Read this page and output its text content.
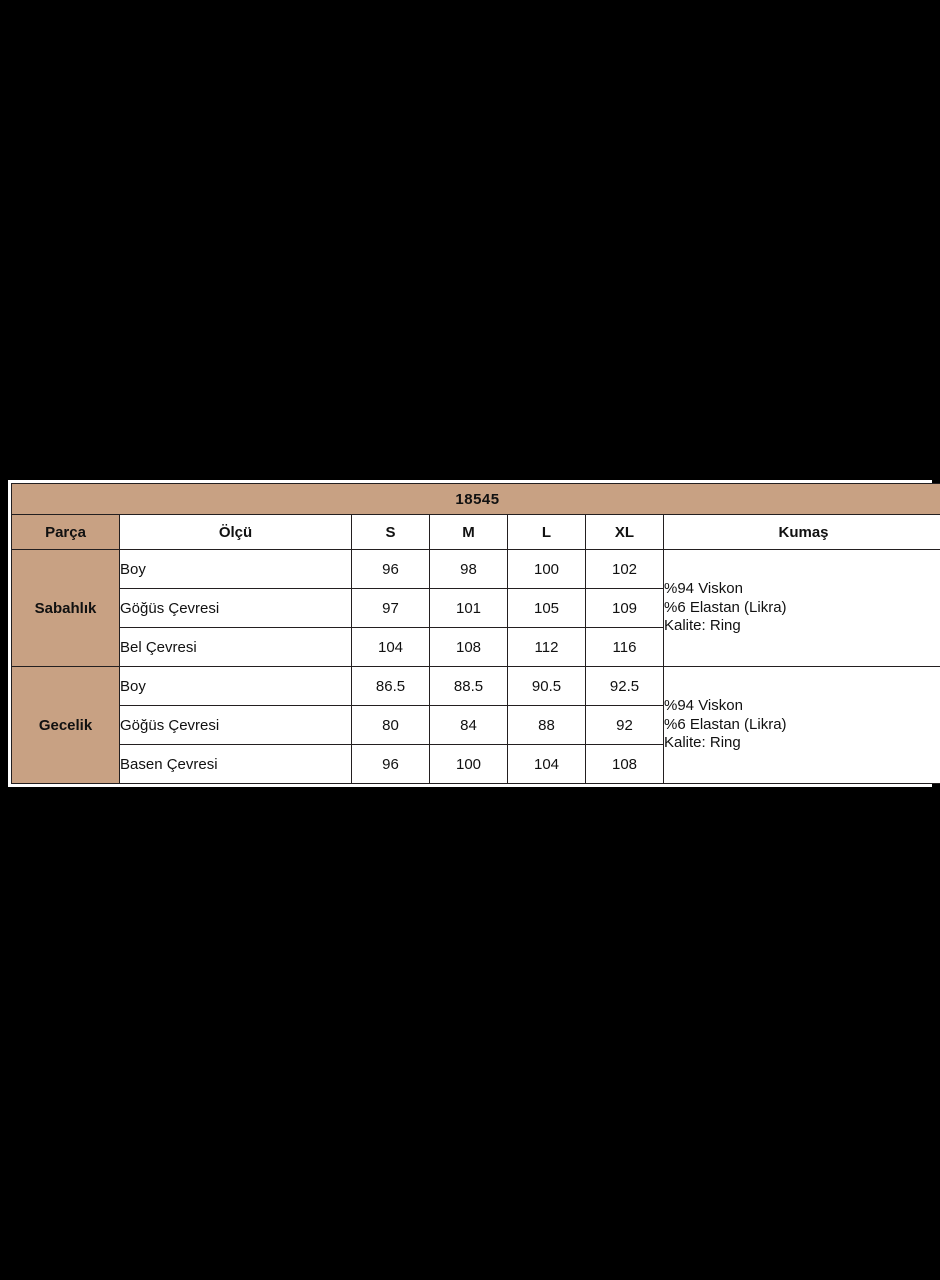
18545						
Parça	Ölçü	S	M	L	XL	Kumaş
Sabahlık	Boy	96	98	100	102	%94 Viskon
%6 Elastan (Likra)
Kalite: Ring

	Göğüs Çevresi	97	101	105	109	
	Bel Çevresi	104	108	112	116	
Gecelik	Boy	86.5	88.5	90.5	92.5	%94 Viskon
%6 Elastan (Likra)
Kalite: Ring

	Göğüs Çevresi	80	84	88	92	
	Basen Çevresi	96	100	104	108	
